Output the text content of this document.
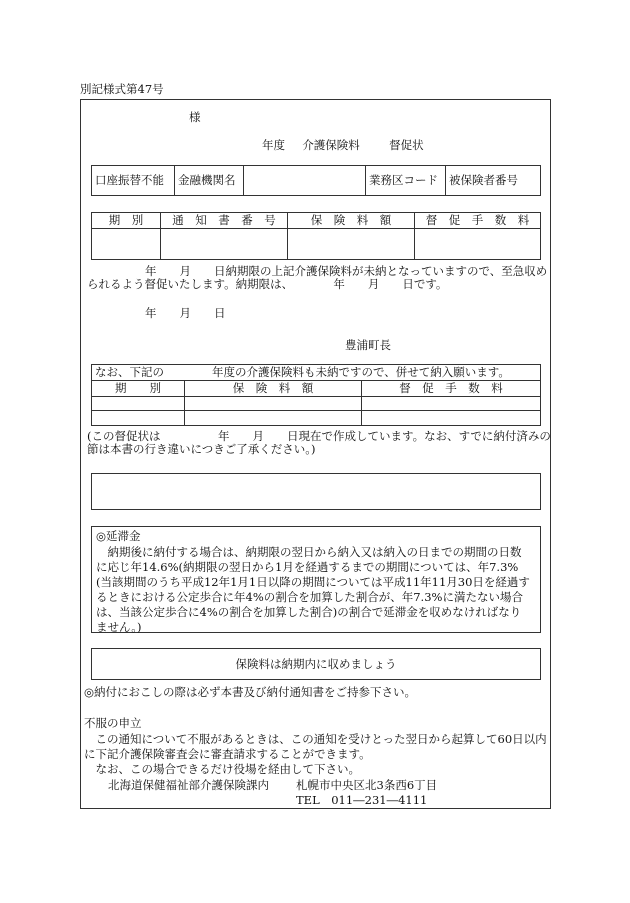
別記様式第47号
様
年度 介護保険料	督促状
口座振替不能	金融機関名		業務区コード	被保険者番号
期　別	通　知　書　番　号	保　険　料　額	督　促　手　数　料

年　　月　　日納期限の上記介護保険料が未納となっていますので、至急収め
られるよう督促いたします。納期限は、　　　　年　　月　　日です。
年　　月　　日
豊浦町長
なお、下記の 年度の介護保険料も未納ですので、併せて納入願います。		
期　　別	保　険　料　額	督　促　手　数　料

(この督促状は　　　　　年　　月　　日現在で作成しています。なお、すでに納付済みの
節は本書の行き違いにつきご了承ください。)
◎延滞金
　納期後に納付する場合は、納期限の翌日から納入又は納入の日までの期間の日数
に応じ年14.6%(納期限の翌日から1月を経過するまでの期間については、年7.3%
(当該期間のうち平成12年1月1日以降の期間については平成11年11月30日を経過す
るときにおける公定歩合に年4%の割合を加算した割合が、年7.3%に満たない場合
は、当該公定歩合に4%の割合を加算した割合)の割合で延滞金を収めなければなり
ません。)
保険料は納期内に収めましょう
◎納付におこしの際は必ず本書及び納付通知書をご持参下さい。
不服の申立
　この通知について不服があるときは、この通知を受けとった翌日から起算して60日以内
に下記介護保険審査会に審査請求することができます。
　なお、この場合できるだけ役場を経由して下さい。
北海道保健福祉部介護保険課内 札幌市中央区北3条西6丁目
TEL　011―231―4111
